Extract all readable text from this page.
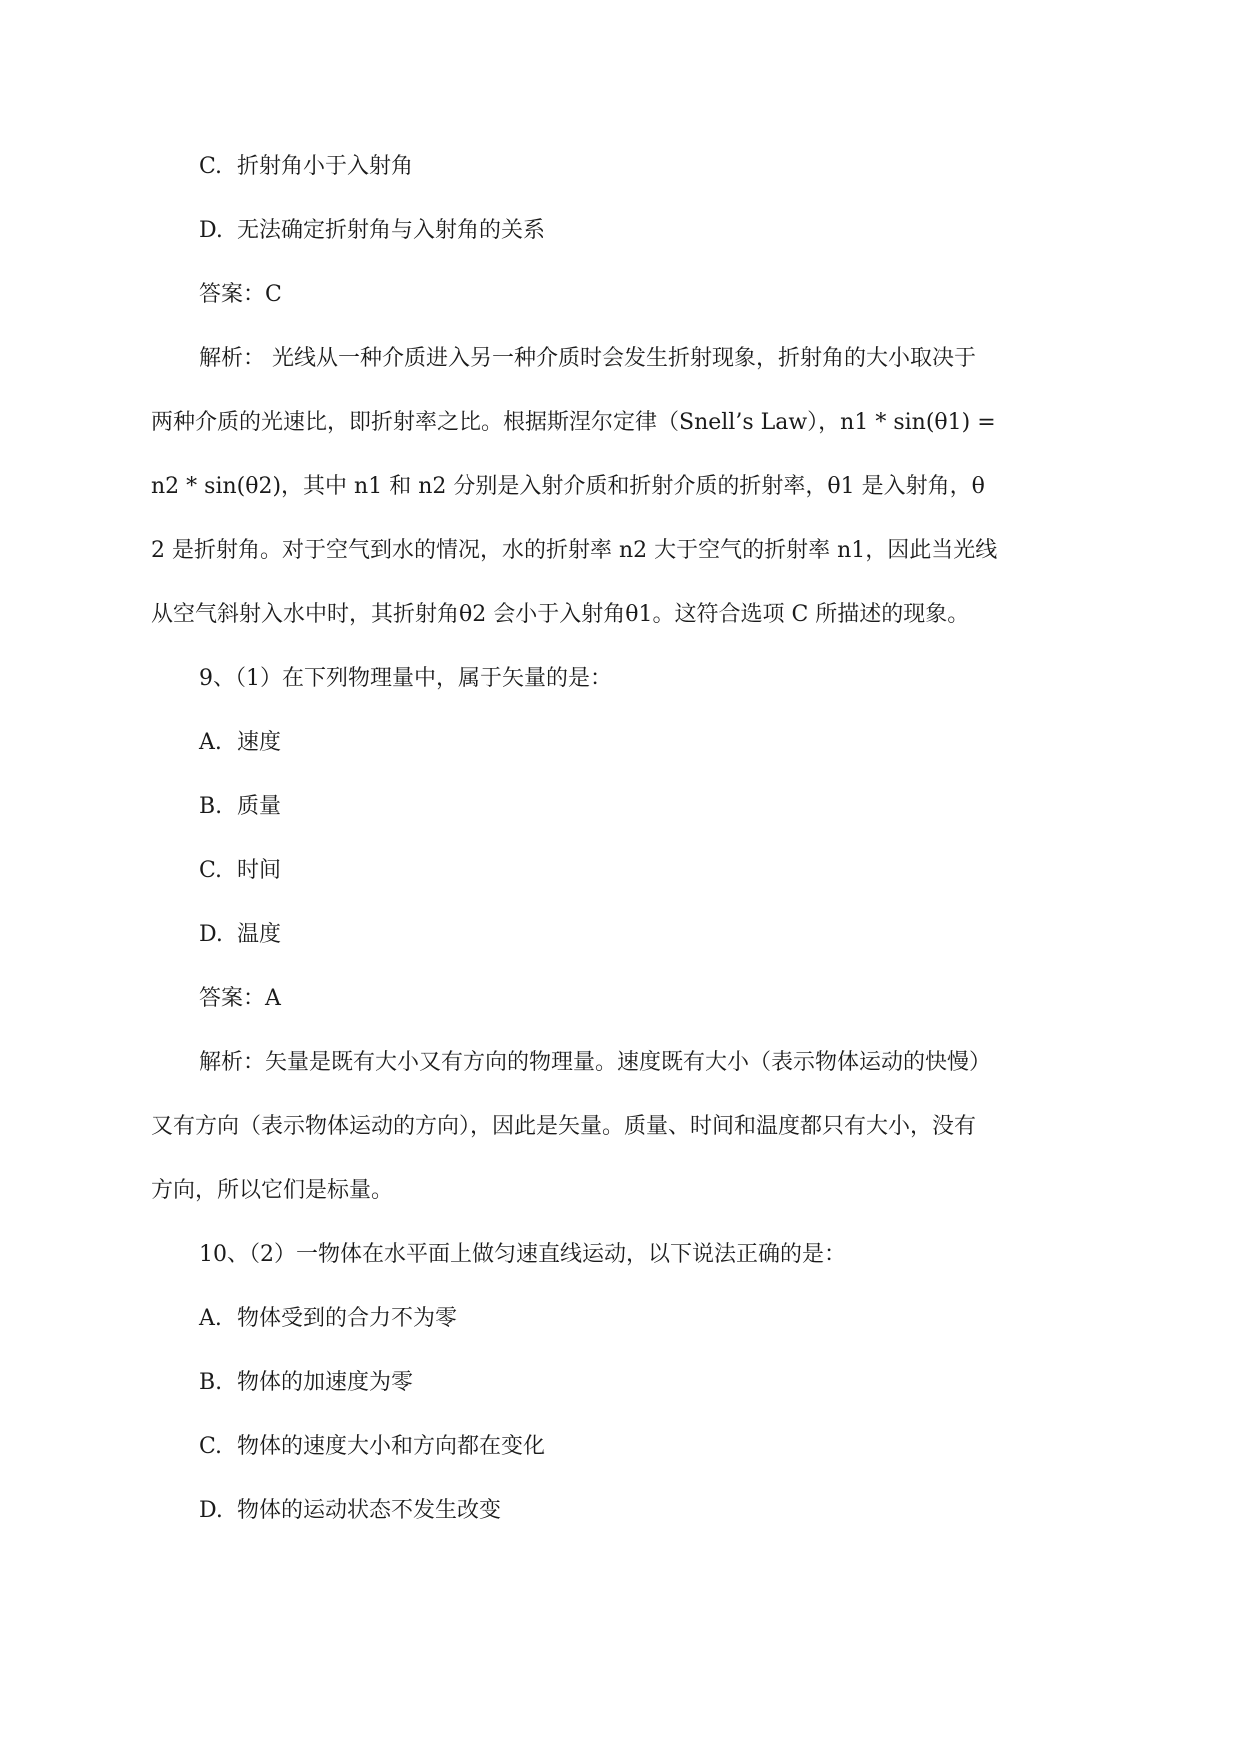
C. 折射角小于入射角
D. 无法确定折射角与入射角的关系
答案：C
解析： 光线从一种介质进入另一种介质时会发生折射现象，折射角的大小取决于
两种介质的光速比，即折射率之比。根据斯涅尔定律（Snell’s Law），n1 * sin(θ1) =
n2 * sin(θ2)，其中 n1 和 n2 分别是入射介质和折射介质的折射率，θ1 是入射角，θ
2 是折射角。对于空气到水的情况，水的折射率 n2 大于空气的折射率 n1，因此当光线
从空气斜射入水中时，其折射角θ2 会小于入射角θ1。这符合选项 C 所描述的现象。
9、（1）在下列物理量中，属于矢量的是：
A. 速度
B. 质量
C. 时间
D. 温度
答案：A
解析：矢量是既有大小又有方向的物理量。速度既有大小（表示物体运动的快慢）
又有方向（表示物体运动的方向），因此是矢量。质量、时间和温度都只有大小，没有
方向，所以它们是标量。
10、（2）一物体在水平面上做匀速直线运动，以下说法正确的是：
A. 物体受到的合力不为零
B. 物体的加速度为零
C. 物体的速度大小和方向都在变化
D. 物体的运动状态不发生改变
